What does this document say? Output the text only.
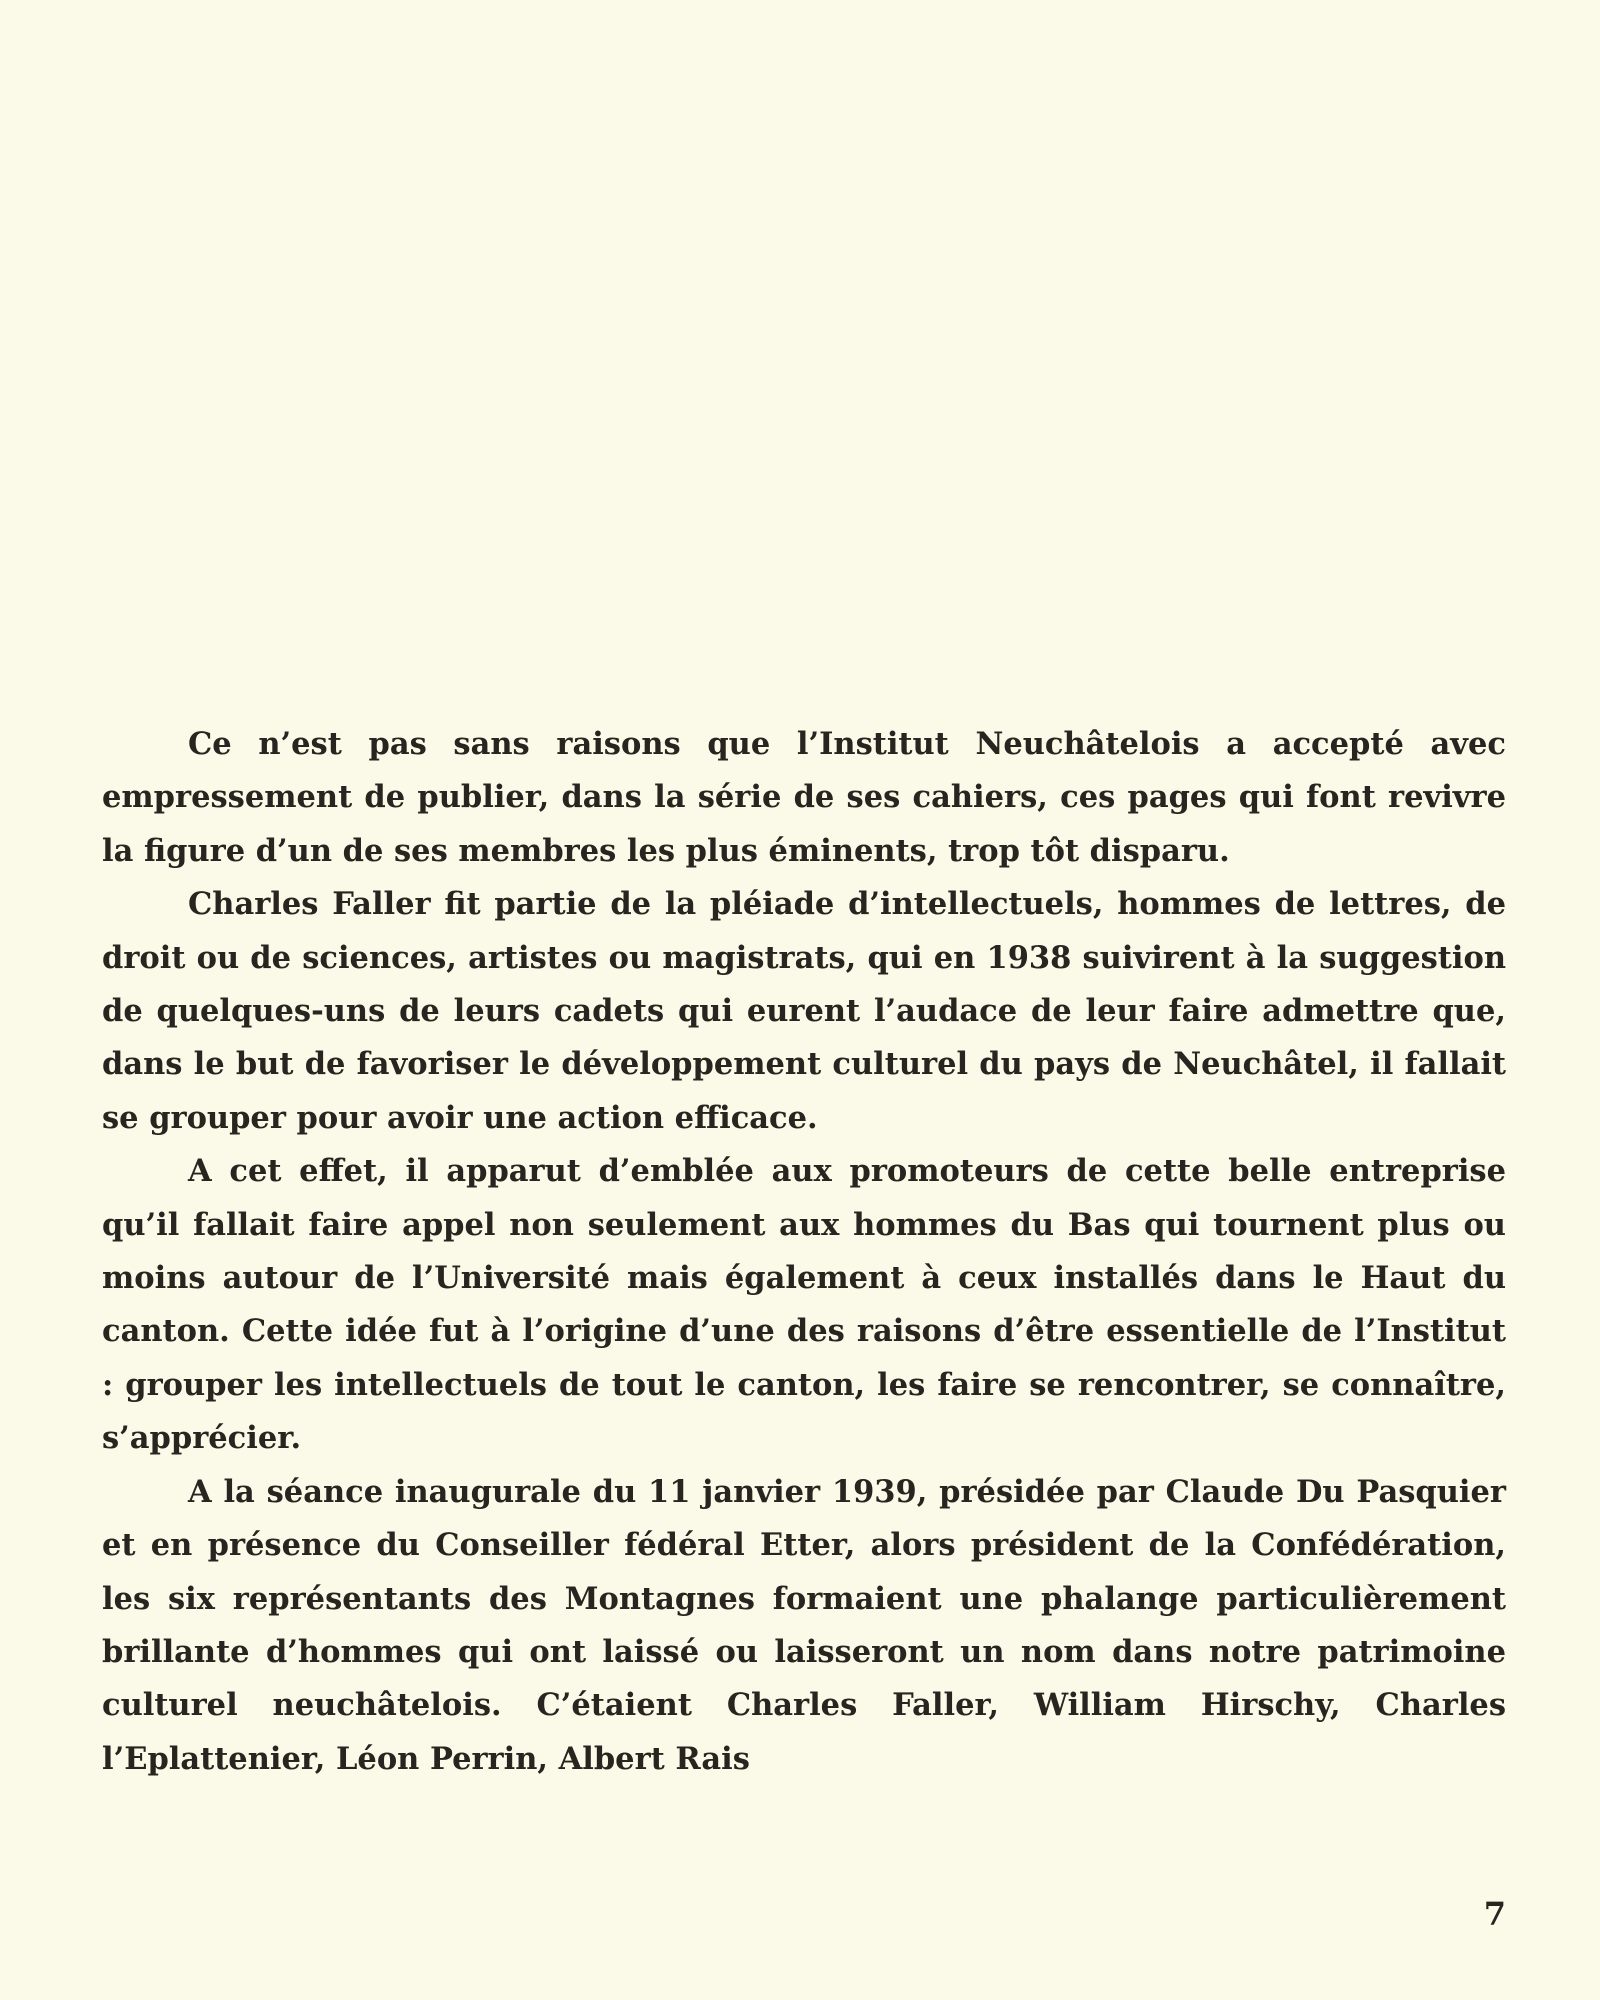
Ce n’est pas sans raisons que l’Institut Neuchâtelois a accepté avec empressement de publier, dans la série de ses cahiers, ces pages qui font revivre la figure d’un de ses membres les plus éminents, trop tôt disparu.

Charles Faller fit partie de la pléiade d’intellectuels, hommes de lettres, de droit ou de sciences, artistes ou magistrats, qui en 1938 suivirent à la suggestion de quelques-uns de leurs cadets qui eurent l’audace de leur faire admettre que, dans le but de favoriser le développement culturel du pays de Neuchâtel, il fallait se grouper pour avoir une action efficace.

A cet effet, il apparut d’emblée aux promoteurs de cette belle entreprise qu’il fallait faire appel non seulement aux hommes du Bas qui tournent plus ou moins autour de l’Université mais également à ceux installés dans le Haut du canton. Cette idée fut à l’origine d’une des raisons d’être essentielle de l’Institut : grouper les intellectuels de tout le canton, les faire se rencontrer, se connaître, s’apprécier.

A la séance inaugurale du 11 janvier 1939, présidée par Claude Du Pasquier et en présence du Conseiller fédéral Etter, alors président de la Confédération, les six représentants des Montagnes formaient une phalange particulièrement brillante d’hommes qui ont laissé ou laisseront un nom dans notre patrimoine culturel neuchâtelois. C’étaient Charles Faller, William Hirschy, Charles l’Eplattenier, Léon Perrin, Albert Rais

7
